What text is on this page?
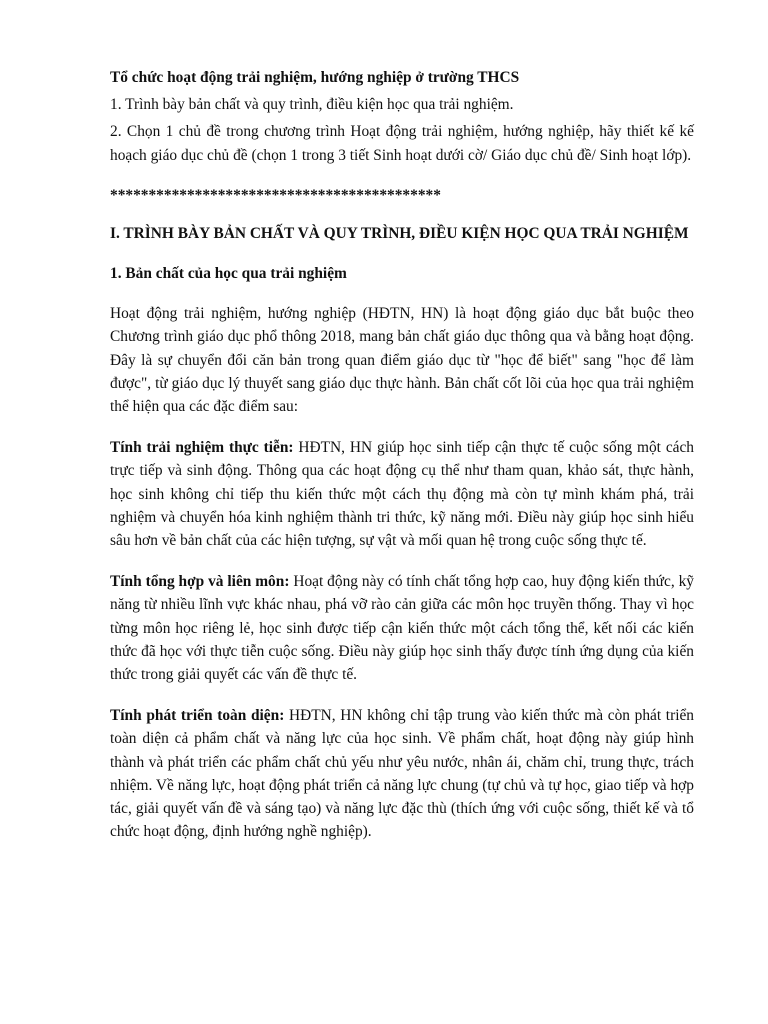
Tổ chức hoạt động trải nghiệm, hướng nghiệp ở trường THCS

1. Trình bày bản chất và quy trình, điều kiện học qua trải nghiệm.

2. Chọn 1 chủ đề trong chương trình Hoạt động trải nghiệm, hướng nghiệp, hãy thiết kế kế hoạch giáo dục chủ đề (chọn 1 trong 3 tiết Sinh hoạt dưới cờ/ Giáo dục chủ đề/ Sinh hoạt lớp).

*******************************************

I. TRÌNH BÀY BẢN CHẤT VÀ QUY TRÌNH, ĐIỀU KIỆN HỌC QUA TRẢI NGHIỆM

1. Bản chất của học qua trải nghiệm

Hoạt động trải nghiệm, hướng nghiệp (HĐTN, HN) là hoạt động giáo dục bắt buộc theo Chương trình giáo dục phổ thông 2018, mang bản chất giáo dục thông qua và bằng hoạt động. Đây là sự chuyển đổi căn bản trong quan điểm giáo dục từ "học để biết" sang "học để làm được", từ giáo dục lý thuyết sang giáo dục thực hành. Bản chất cốt lõi của học qua trải nghiệm thể hiện qua các đặc điểm sau:

Tính trải nghiệm thực tiễn: HĐTN, HN giúp học sinh tiếp cận thực tế cuộc sống một cách trực tiếp và sinh động. Thông qua các hoạt động cụ thể như tham quan, khảo sát, thực hành, học sinh không chỉ tiếp thu kiến thức một cách thụ động mà còn tự mình khám phá, trải nghiệm và chuyển hóa kinh nghiệm thành tri thức, kỹ năng mới. Điều này giúp học sinh hiểu sâu hơn về bản chất của các hiện tượng, sự vật và mối quan hệ trong cuộc sống thực tế.

Tính tổng hợp và liên môn: Hoạt động này có tính chất tổng hợp cao, huy động kiến thức, kỹ năng từ nhiều lĩnh vực khác nhau, phá vỡ rào cản giữa các môn học truyền thống. Thay vì học từng môn học riêng lẻ, học sinh được tiếp cận kiến thức một cách tổng thể, kết nối các kiến thức đã học với thực tiễn cuộc sống. Điều này giúp học sinh thấy được tính ứng dụng của kiến thức trong giải quyết các vấn đề thực tế.

Tính phát triển toàn diện: HĐTN, HN không chỉ tập trung vào kiến thức mà còn phát triển toàn diện cả phẩm chất và năng lực của học sinh. Về phẩm chất, hoạt động này giúp hình thành và phát triển các phẩm chất chủ yếu như yêu nước, nhân ái, chăm chỉ, trung thực, trách nhiệm. Về năng lực, hoạt động phát triển cả năng lực chung (tự chủ và tự học, giao tiếp và hợp tác, giải quyết vấn đề và sáng tạo) và năng lực đặc thù (thích ứng với cuộc sống, thiết kế và tổ chức hoạt động, định hướng nghề nghiệp).
